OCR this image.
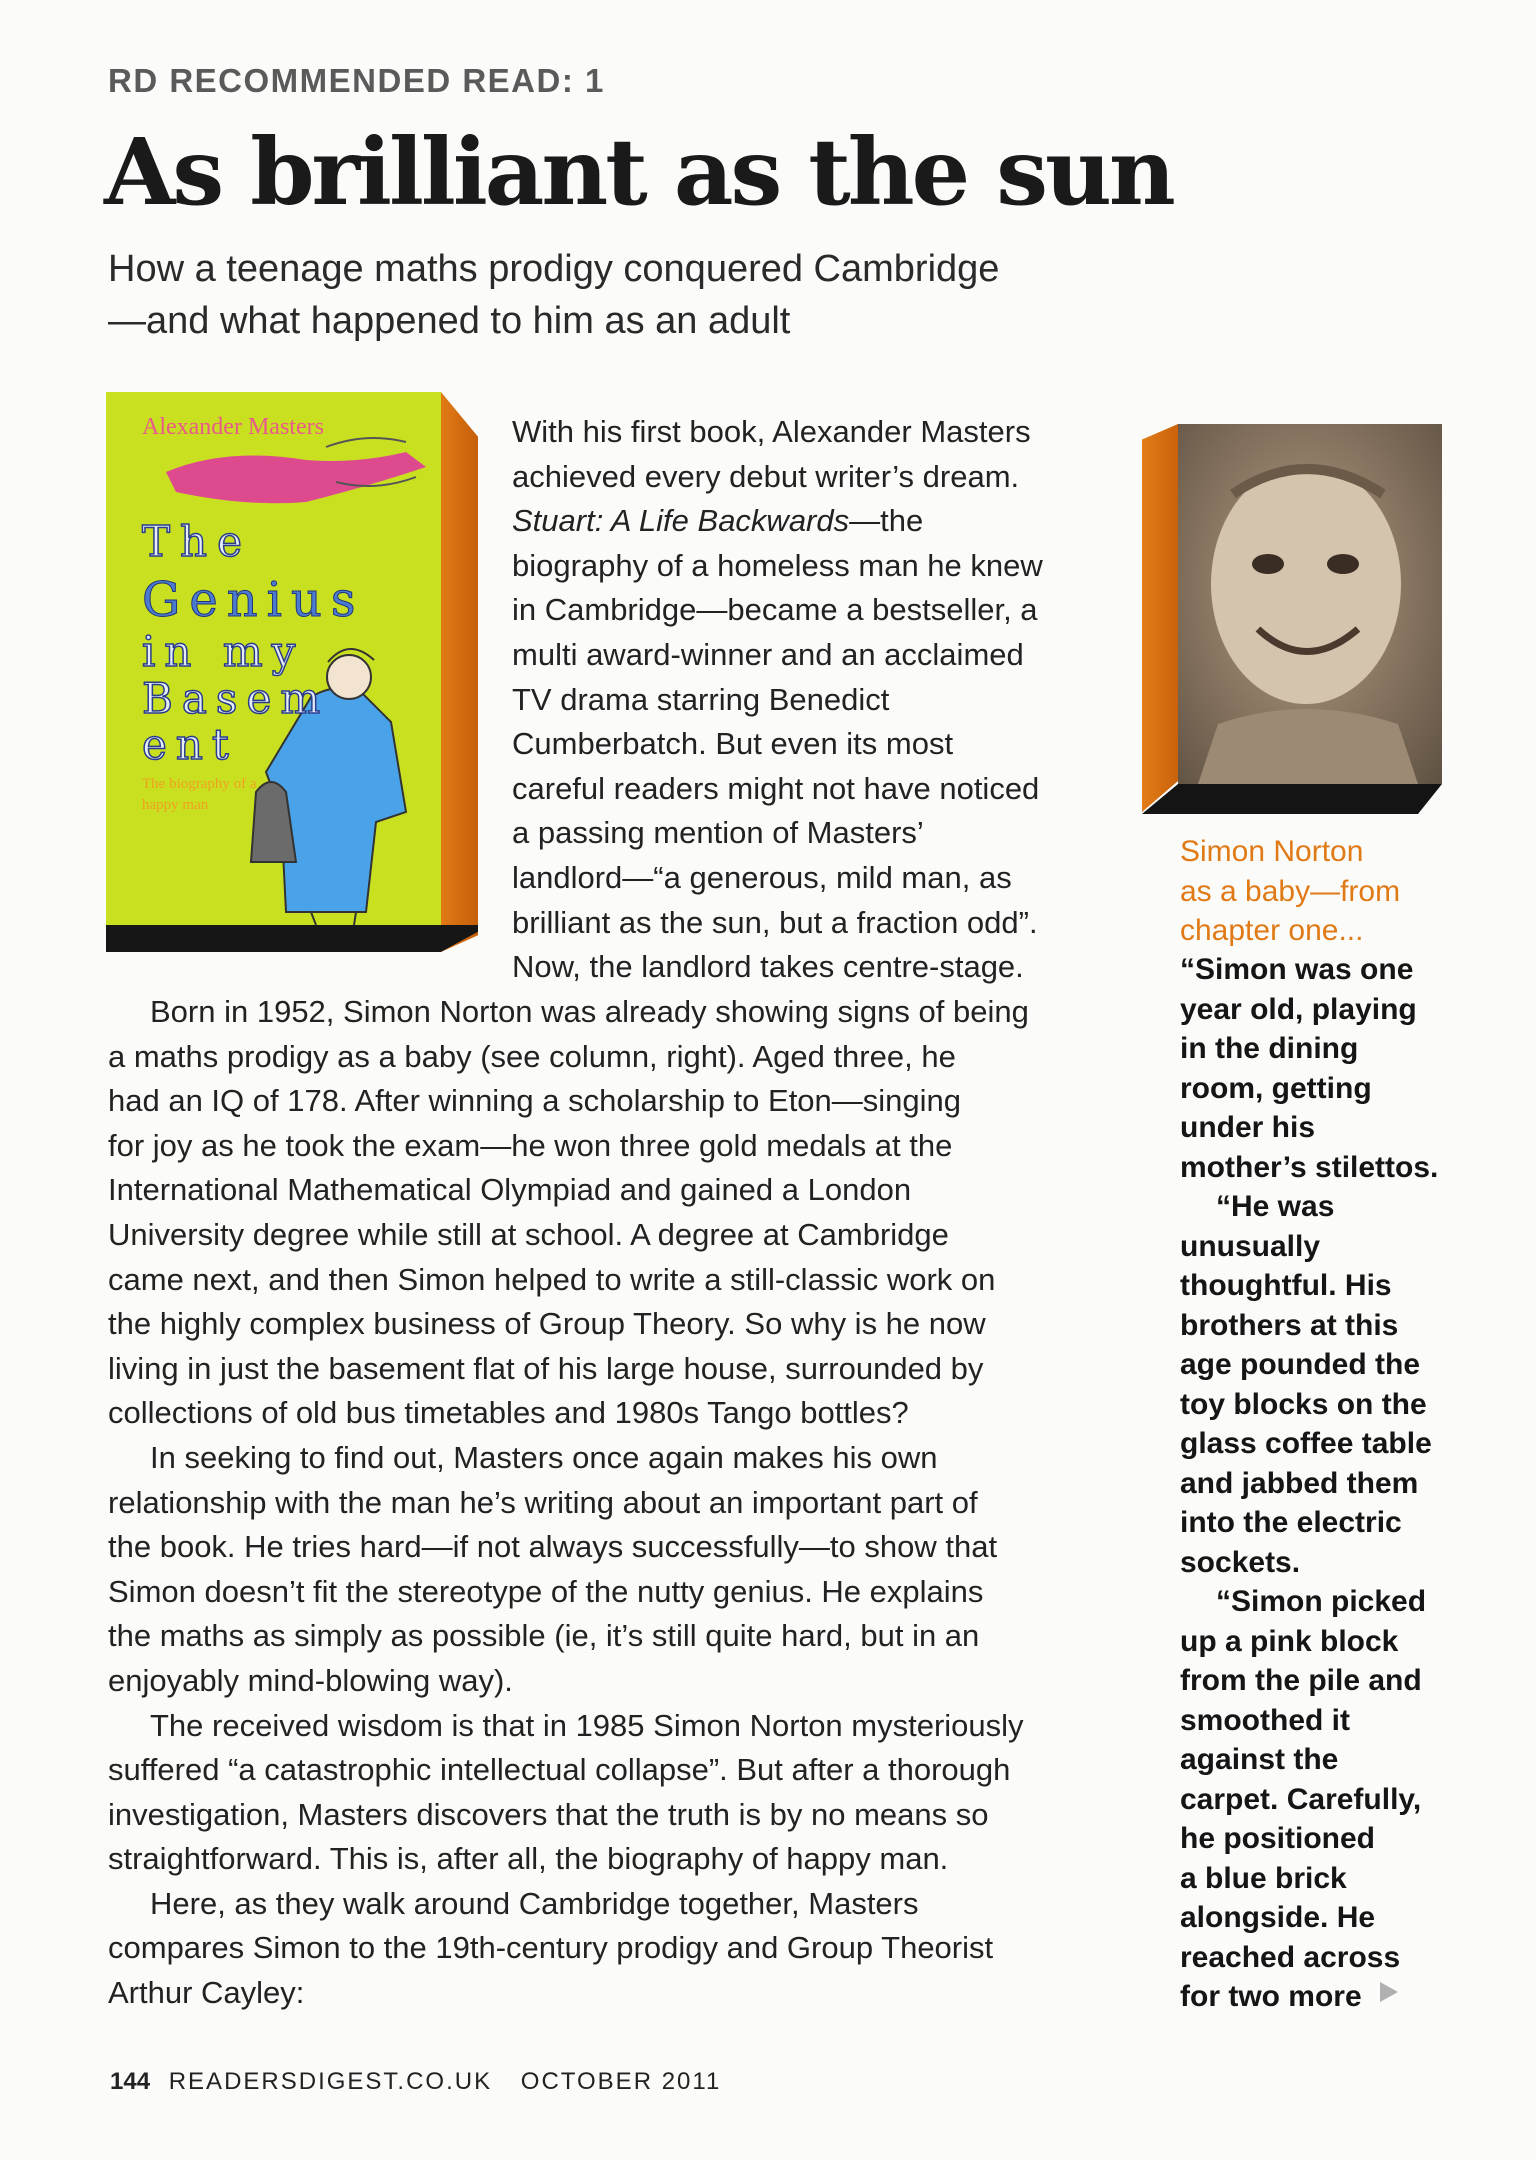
RD RECOMMENDED READ: 1
As brilliant as the sun
How a teenage maths prodigy conquered Cambridge
—and what happened to him as an adult
Alexander Masters
The
Genius
in my
Basem
ent
The biography of a happy man
With his first book, Alexander Masters
achieved every debut writer’s dream.
Stuart: A Life Backwards—the
biography of a homeless man he knew
in Cambridge—became a bestseller, a
multi award-winner and an acclaimed
TV drama starring Benedict
Cumberbatch. But even its most
careful readers might not have noticed
a passing mention of Masters’
landlord—“a generous, mild man, as
brilliant as the sun, but a fraction odd”.
Now, the landlord takes centre-stage.
Born in 1952, Simon Norton was already showing signs of being
a maths prodigy as a baby (see column, right). Aged three, he
had an IQ of 178. After winning a scholarship to Eton—singing
for joy as he took the exam—he won three gold medals at the
International Mathematical Olympiad and gained a London
University degree while still at school. A degree at Cambridge
came next, and then Simon helped to write a still-classic work on
the highly complex business of Group Theory. So why is he now
living in just the basement flat of his large house, surrounded by
collections of old bus timetables and 1980s Tango bottles?
In seeking to find out, Masters once again makes his own
relationship with the man he’s writing about an important part of
the book. He tries hard—if not always successfully—to show that
Simon doesn’t fit the stereotype of the nutty genius. He explains
the maths as simply as possible (ie, it’s still quite hard, but in an
enjoyably mind-blowing way).
The received wisdom is that in 1985 Simon Norton mysteriously
suffered “a catastrophic intellectual collapse”. But after a thorough
investigation, Masters discovers that the truth is by no means so
straightforward. This is, after all, the biography of happy man.
Here, as they walk around Cambridge together, Masters
compares Simon to the 19th-century prodigy and Group Theorist
Arthur Cayley:
Simon Norton
as a baby—from
chapter one...
“Simon was one
year old, playing
in the dining
room, getting
under his
mother’s stilettos.
“He was
unusually
thoughtful. His
brothers at this
age pounded the
toy blocks on the
glass coffee table
and jabbed them
into the electric
sockets.
“Simon picked
up a pink block
from the pile and
smoothed it
against the
carpet. Carefully,
he positioned
a blue brick
alongside. He
reached across
for two more
144 READERSDIGEST.CO.UK OCTOBER 2011
